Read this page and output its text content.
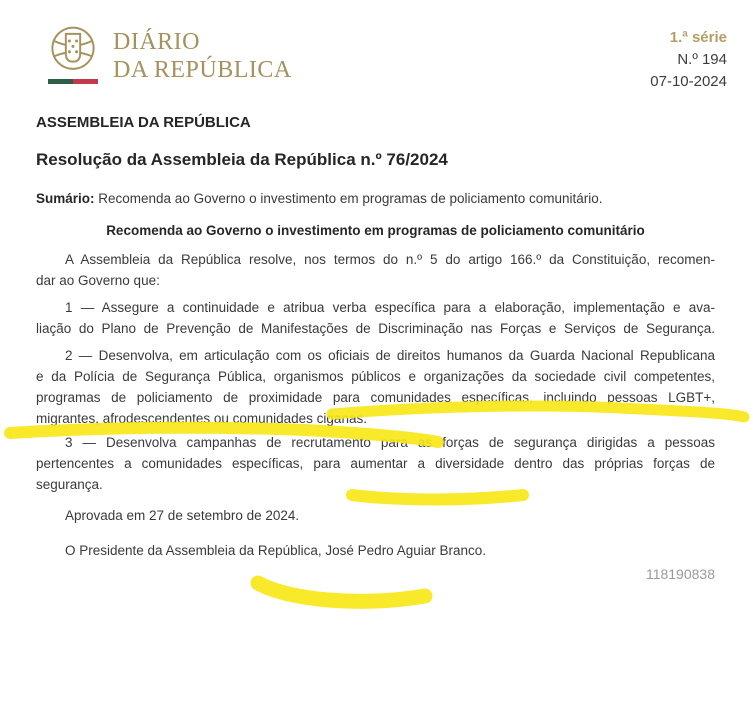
DIÁRIO
DA REPÚBLICA
1.ª série
N.º 194
07-10-2024
ASSEMBLEIA DA REPÚBLICA
Resolução da Assembleia da República n.º 76/2024
Sumário: Recomenda ao Governo o investimento em programas de policiamento comunitário.
Recomenda ao Governo o investimento em programas de policiamento comunitário
A Assembleia da República resolve, nos termos do n.º 5 do artigo 166.º da Constituição, recomen-
dar ao Governo que:
1 — Assegure a continuidade e atribua verba específica para a elaboração, implementação e ava-
liação do Plano de Prevenção de Manifestações de Discriminação nas Forças e Serviços de Segurança.
2 — Desenvolva, em articulação com os oficiais de direitos humanos da Guarda Nacional Republicana
e da Polícia de Segurança Pública, organismos públicos e organizações da sociedade civil competentes,
programas de policiamento de proximidade para comunidades específicas, incluindo pessoas LGBT+,
migrantes, afrodescendentes ou comunidades ciganas.
3 — Desenvolva campanhas de recrutamento para as forças de segurança dirigidas a pessoas
pertencentes a comunidades específicas, para aumentar a diversidade dentro das próprias forças de
segurança.
Aprovada em 27 de setembro de 2024.
O Presidente da Assembleia da República, José Pedro Aguiar Branco.
118190838
